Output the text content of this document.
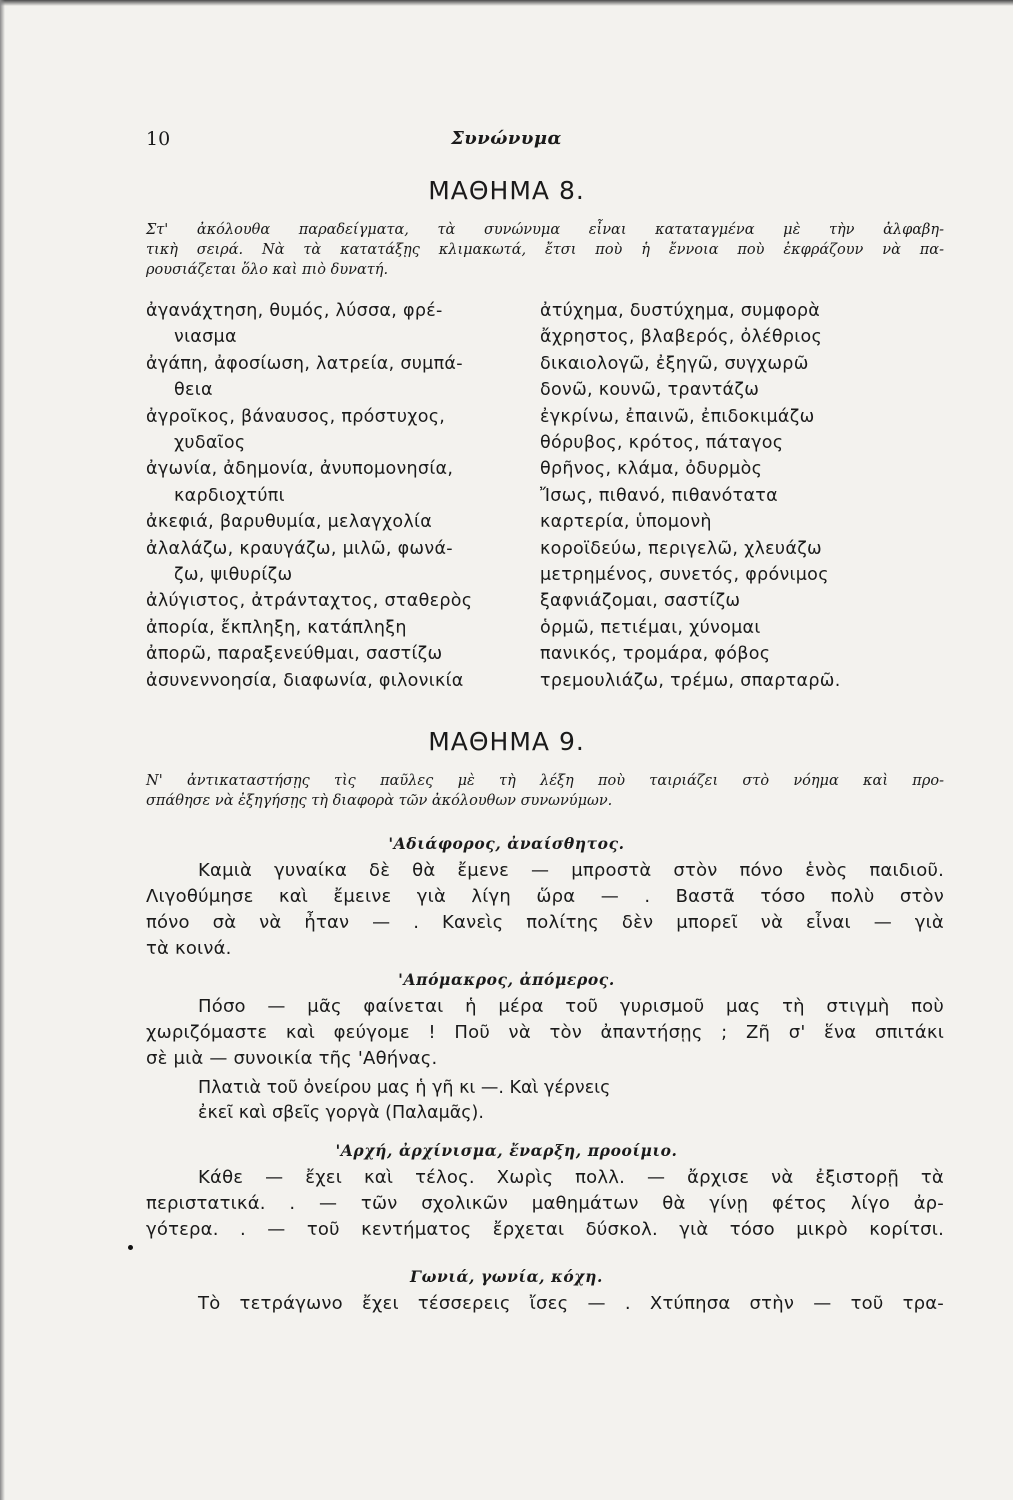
10	Συνώνυμα
ΜΑΘΗΜΑ 8.
Στ' ἀκόλουθα παραδείγματα, τὰ συνώνυμα εἶναι καταταγμένα μὲ τὴν ἀλφαβη-
τικὴ σειρά. Νὰ τὰ κατατάξῃς κλιμακωτά, ἔτσι ποὺ ἡ ἔννοια ποὺ ἐκφράζουν νὰ πα-
ρουσιάζεται ὅλο καὶ πιὸ δυνατή.
ἀγανάχτηση, θυμός, λύσσα, φρέ-
νιασμα
ἀγάπη, ἀφοσίωση, λατρεία, συμπά-
θεια
ἀγροῖκος, βάναυσος, πρόστυχος,
χυδαῖος
ἀγωνία, ἀδημονία, ἀνυπομονησία,
καρδιοχτύπι
ἀκεφιά, βαρυθυμία, μελαγχολία
ἀλαλάζω, κραυγάζω, μιλῶ, φωνά-
ζω, ψιθυρίζω
ἀλύγιστος, ἀτράνταχτος, σταθερὸς
ἀπορία, ἔκπληξη, κατάπληξη
ἀπορῶ, παραξενεύθμαι, σαστίζω
ἀσυνεννοησία, διαφωνία, φιλονικία
ἀτύχημα, δυστύχημα, συμφορὰ
ἄχρηστος, βλαβερός, ὀλέθριος
δικαιολογῶ, ἐξηγῶ, συγχωρῶ
δονῶ, κουνῶ, τραντάζω
ἐγκρίνω, ἐπαινῶ, ἐπιδοκιμάζω
θόρυβος, κρότος, πάταγος
θρῆνος, κλάμα, ὀδυρμὸς
Ἴσως, πιθανό, πιθανότατα
καρτερία, ὑπομονὴ
κοροϊδεύω, περιγελῶ, χλευάζω
μετρημένος, συνετός, φρόνιμος
ξαφνιάζομαι, σαστίζω
ὁρμῶ, πετιέμαι, χύνομαι
πανικός, τρομάρα, φόβος
τρεμουλιάζω, τρέμω, σπαρταρῶ.
ΜΑΘΗΜΑ 9.
Ν' ἀντικαταστήσῃς τὶς παῦλες μὲ τὴ λέξη ποὺ ταιριάζει στὸ νόημα καὶ προ-
σπάθησε νὰ ἐξηγήσῃς τὴ διαφορὰ τῶν ἀκόλουθων συνωνύμων.
'Αδιάφορος, ἀναίσθητος.
Καμιὰ γυναίκα δὲ θὰ ἔμενε — μπροστὰ στὸν πόνο ἑνὸς παιδιοῦ.
Λιγοθύμησε καὶ ἔμεινε γιὰ λίγη ὥρα — . Βαστᾶ τόσο πολὺ στὸν
πόνο σὰ νὰ ἦταν — . Κανεὶς πολίτης δὲν μπορεῖ νὰ εἶναι — γιὰ
τὰ κοινά.
'Απόμακρος, ἀπόμερος.
Πόσο — μᾶς φαίνεται ἡ μέρα τοῦ γυρισμοῦ μας τὴ στιγμὴ ποὺ
χωριζόμαστε καὶ φεύγομε ! Ποῦ νὰ τὸν ἀπαντήσῃς ; Ζῆ σ' ἕνα σπιτάκι
σὲ μιὰ — συνοικία τῆς 'Αθήνας.
Πλατιὰ τοῦ ὀνείρου μας ἡ γῆ κι —. Καὶ γέρνεις
ἐκεῖ καὶ σβεῖς γοργὰ (Παλαμᾶς).
'Αρχή, ἀρχίνισμα, ἔναρξη, προοίμιο.
Κάθε — ἔχει καὶ τέλος. Χωρὶς πολλ. — ἄρχισε νὰ ἐξιστορῇ τὰ
περιστατικά. . — τῶν σχολικῶν μαθημάτων θὰ γίνῃ φέτος λίγο ἀρ-
γότερα. . — τοῦ κεντήματος ἔρχεται δύσκολ. γιὰ τόσο μικρὸ κορίτσι.
Γωνιά, γωνία, κόχη.
Τὸ τετράγωνο ἔχει τέσσερεις ἴσες — . Χτύπησα στὴν — τοῦ τρα-
